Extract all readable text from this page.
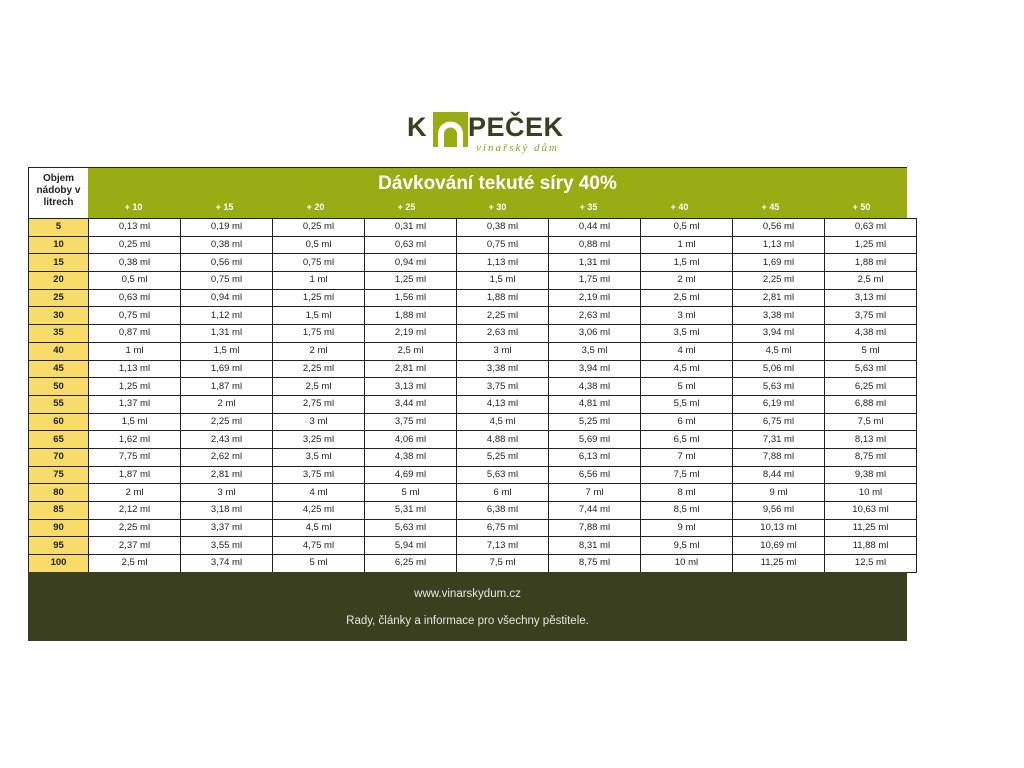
K PEČEK
vinařský dům
Objem
nádoby v
litrech
Dávkování tekuté síry 40%
+ 10	+ 15	+ 20	+ 25	+ 30	+ 35	+ 40	+ 45	+ 50
5	0,13 ml	0,19 ml	0,25 ml	0,31 ml	0,38 ml	0,44 ml	0,5 ml	0,56 ml	0,63 ml
10	0,25 ml	0,38 ml	0,5 ml	0,63 ml	0,75 ml	0,88 ml	1 ml	1,13 ml	1,25 ml
15	0,38 ml	0,56 ml	0,75 ml	0,94 ml	1,13 ml	1,31 ml	1,5 ml	1,69 ml	1,88 ml
20	0,5 ml	0,75 ml	1 ml	1,25 ml	1,5 ml	1,75 ml	2 ml	2,25 ml	2,5 ml
25	0,63 ml	0,94 ml	1,25 ml	1,56 ml	1,88 ml	2,19 ml	2,5 ml	2,81 ml	3,13 ml
30	0,75 ml	1,12 ml	1,5 ml	1,88 ml	2,25 ml	2,63 ml	3 ml	3,38 ml	3,75 ml
35	0,87 ml	1,31 ml	1,75 ml	2,19 ml	2,63 ml	3,06 ml	3,5 ml	3,94 ml	4,38 ml
40	1 ml	1,5 ml	2 ml	2,5 ml	3 ml	3,5 ml	4 ml	4,5 ml	5 ml
45	1,13 ml	1,69 ml	2,25 ml	2,81 ml	3,38 ml	3,94 ml	4,5 ml	5,06 ml	5,63 ml
50	1,25 ml	1,87 ml	2,5 ml	3,13 ml	3,75 ml	4,38 ml	5 ml	5,63 ml	6,25 ml
55	1,37 ml	2 ml	2,75 ml	3,44 ml	4,13 ml	4,81 ml	5,5 ml	6,19 ml	6,88 ml
60	1,5 ml	2,25 ml	3 ml	3,75 ml	4,5 ml	5,25 ml	6 ml	6,75 ml	7,5 ml
65	1,62 ml	2,43 ml	3,25 ml	4,06 ml	4,88 ml	5,69 ml	6,5 ml	7,31 ml	8,13 ml
70	7,75 ml	2,62 ml	3,5 ml	4,38 ml	5,25 ml	6,13 ml	7 ml	7,88 ml	8,75 ml
75	1,87 ml	2,81 ml	3,75 ml	4,69 ml	5,63 ml	6,56 ml	7,5 ml	8,44 ml	9,38 ml
80	2 ml	3 ml	4 ml	5 ml	6 ml	7 ml	8 ml	9 ml	10 ml
85	2,12 ml	3,18 ml	4,25 ml	5,31 ml	6,38 ml	7,44 ml	8,5 ml	9,56 ml	10,63 ml
90	2,25 ml	3,37 ml	4,5 ml	5,63 ml	6,75 ml	7,88 ml	9 ml	10,13 ml	11,25 ml
95	2,37 ml	3,55 ml	4,75 ml	5,94 ml	7,13 ml	8,31 ml	9,5 ml	10,69 ml	11,88 ml
100	2,5 ml	3,74 ml	5 ml	6,25 ml	7,5 ml	8,75 ml	10 ml	11,25 ml	12,5 ml
www.vinarskydum.cz
Rady, články a informace pro všechny pěstitele.
